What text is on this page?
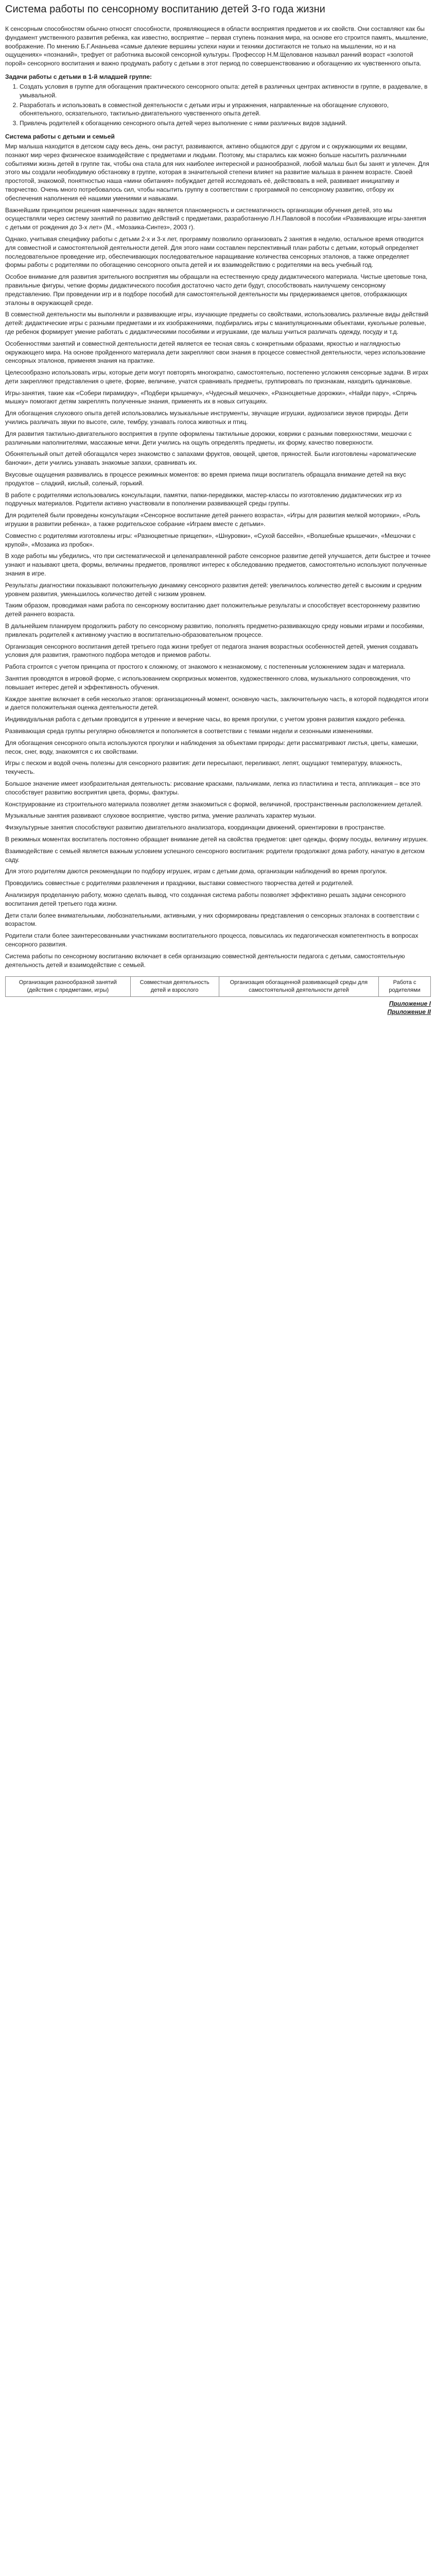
Система работы по сенсорному воспитанию детей 3-го года жизни

К сенсорным способностям обычно относят способности, проявляющиеся в области восприятия предметов и их свойств. Они составляют как бы фундамент умственного развития ребенка, как известно, восприятие – первая ступень познания мира, на основе его строится память, мышление, воображение. По мнению Б.Г.Ананьева «самые далекие вершины успехи науки и техники достигаются не только на мышлении, но и на ощущениях» «познаний», трефует от работника высокой сенсорной культуры. Профессор Н.М.Щелованов называл ранний возраст «золотой порой» сенсорного воспитания и важно продумать работу с детьми в этот период по совершенствованию и обогащению их чувственного опыта.

Задачи работы с детьми в 1-й младшей группе:
1. Создать условия в группе для обогащения практического сенсорного опыта: детей в различных центрах активности в группе, в раздевалке, в умывальной.
2. Разработать и использовать в совместной деятельности с детьми игры и упражнения, направленные на обогащение слухового, обонятельного, осязательного, тактильно-двигательного чувственного опыта детей.
3. Привлечь родителей к обогащению сенсорного опыта детей через выполнение с ними различных видов заданий.
Система работы с детьми и семьей

Мир малыша находится в детском саду весь день, они растут, развиваются, активно общаются друг с другом и с окружающими их вещами, познают мир через физическое взаимодействие с предметами и людьми. Поэтому, мы старались как можно больше насытить различными событиями жизнь детей в группе так, чтобы она стала для них наиболее интересной и разнообразной, любой малыш был бы занят и увлечен. Для этого мы создали необходимую обстановку в группе, которая в значительной степени влияет на развитие малыша в раннем возрасте. Своей простотой, знакомой, понятностью наша «мини обитания» побуждает детей исследовать её, действовать в ней, развивает инициативу и творчество. Очень много потребовалось сил, чтобы насытить группу в соответствии с программой по сенсорному развитию, отбору их обеспечения наполнения её нашими умениями и навыками.

Важнейшим принципом решения намеченных задач является планомерность и систематичность организации обучения детей, это мы осуществляли через систему занятий по развитию действий с предметами, разработанную Л.Н.Павловой в пособии «Развивающие игры-занятия с детьми от рождения до 3-х лет» (М., «Мозаика-Синтез», 2003 г).

Однако, учитывая специфику работы с детьми 2-х и 3-х лет, программу позволило организовать 2 занятия в неделю, остальное время отводится для совместной и самостоятельной деятельности детей. Для этого нами составлен перспективный план работы с детьми, который определяет последовательное проведение игр, обеспечивающих последовательное наращивание количества сенсорных эталонов, а также определяет формы работы с родителями по обогащению сенсорного опыта детей и их взаимодействию с родителями на весь учебный год.

Особое внимание для развития зрительного восприятия мы обращали на естественную среду дидактического материала. Чистые цветовые тона, правильные фигуры, четкие формы дидактического пособия достаточно часто дети будут, способствовать наилучшему сенсорному представлению. При проведении игр и в подборе пособий для самостоятельной деятельности мы придерживаемся цветов, отображающих эталоны в окружающей среде.

В совместной деятельности мы выполняли и развивающие игры, изучающие предметы со свойствами, использовались различные виды действий детей: дидактические игры с разными предметами и их изображениями, подбирались игры с манипуляционными объектами, кукольные ролевые, где ребенок формирует умение работать с дидактическими пособиями и игрушками, где малыш учиться различать одежду, посуду и т.д.

Особенностями занятий и совместной деятельности детей является ее тесная связь с конкретными образами, яркостью и наглядностью окружающего мира. На основе пройденного материала дети закрепляют свои знания в процессе совместной деятельности, через использование сенсорных эталонов, применяя знания на практике.

Целесообразно использовать игры, которые дети могут повторять многократно, самостоятельно, постепенно усложняя сенсорные задачи. В играх дети закрепляют представления о цвете, форме, величине, учатся сравнивать предметы, группировать по признакам, находить одинаковые.

Игры-занятия, такие как «Собери пирамидку», «Подбери крышечку», «Чудесный мешочек», «Разноцветные дорожки», «Найди пару», «Спрячь мышку» помогают детям закреплять полученные знания, применять их в новых ситуациях.

Для обогащения слухового опыта детей использовались музыкальные инструменты, звучащие игрушки, аудиозаписи звуков природы. Дети учились различать звуки по высоте, силе, тембру, узнавать голоса животных и птиц.

Для развития тактильно-двигательного восприятия в группе оформлены тактильные дорожки, коврики с разными поверхностями, мешочки с различными наполнителями, массажные мячи. Дети учились на ощупь определять предметы, их форму, качество поверхности.

Обонятельный опыт детей обогащался через знакомство с запахами фруктов, овощей, цветов, пряностей. Были изготовлены «ароматические баночки», дети учились узнавать знакомые запахи, сравнивать их.

Вкусовые ощущения развивались в процессе режимных моментов: во время приема пищи воспитатель обращала внимание детей на вкус продуктов – сладкий, кислый, соленый, горький.

В работе с родителями использовались консультации, памятки, папки-передвижки, мастер-классы по изготовлению дидактических игр из подручных материалов. Родители активно участвовали в пополнении развивающей среды группы.

Для родителей были проведены консультации «Сенсорное воспитание детей раннего возраста», «Игры для развития мелкой моторики», «Роль игрушки в развитии ребенка», а также родительское собрание «Играем вместе с детьми».

Совместно с родителями изготовлены игры: «Разноцветные прищепки», «Шнуровки», «Сухой бассейн», «Волшебные крышечки», «Мешочки с крупой», «Мозаика из пробок».

В ходе работы мы убедились, что при систематической и целенаправленной работе сенсорное развитие детей улучшается, дети быстрее и точнее узнают и называют цвета, формы, величины предметов, проявляют интерес к обследованию предметов, самостоятельно используют полученные знания в игре.

Результаты диагностики показывают положительную динамику сенсорного развития детей: увеличилось количество детей с высоким и средним уровнем развития, уменьшилось количество детей с низким уровнем.

Таким образом, проводимая нами работа по сенсорному воспитанию дает положительные результаты и способствует всестороннему развитию детей раннего возраста.

В дальнейшем планируем продолжить работу по сенсорному развитию, пополнять предметно-развивающую среду новыми играми и пособиями, привлекать родителей к активному участию в воспитательно-образовательном процессе.

Организация сенсорного воспитания детей третьего года жизни требует от педагога знания возрастных особенностей детей, умения создавать условия для развития, грамотного подбора методов и приемов работы.

Работа строится с учетом принципа от простого к сложному, от знакомого к незнакомому, с постепенным усложнением задач и материала.

Занятия проводятся в игровой форме, с использованием сюрпризных моментов, художественного слова, музыкального сопровождения, что повышает интерес детей и эффективность обучения.

Каждое занятие включает в себя несколько этапов: организационный момент, основную часть, заключительную часть, в которой подводятся итоги и дается положительная оценка деятельности детей.

Индивидуальная работа с детьми проводится в утренние и вечерние часы, во время прогулки, с учетом уровня развития каждого ребенка.

Развивающая среда группы регулярно обновляется и пополняется в соответствии с темами недели и сезонными изменениями.

Для обогащения сенсорного опыта используются прогулки и наблюдения за объектами природы: дети рассматривают листья, цветы, камешки, песок, снег, воду, знакомятся с их свойствами.

Игры с песком и водой очень полезны для сенсорного развития: дети пересыпают, переливают, лепят, ощущают температуру, влажность, текучесть.

Большое значение имеет изобразительная деятельность: рисование красками, пальчиками, лепка из пластилина и теста, аппликация – все это способствует развитию восприятия цвета, формы, фактуры.

Конструирование из строительного материала позволяет детям знакомиться с формой, величиной, пространственным расположением деталей.

Музыкальные занятия развивают слуховое восприятие, чувство ритма, умение различать характер музыки.

Физкультурные занятия способствуют развитию двигательного анализатора, координации движений, ориентировки в пространстве.

В режимных моментах воспитатель постоянно обращает внимание детей на свойства предметов: цвет одежды, форму посуды, величину игрушек.

Взаимодействие с семьей является важным условием успешного сенсорного воспитания: родители продолжают дома работу, начатую в детском саду.

Для этого родителям даются рекомендации по подбору игрушек, играм с детьми дома, организации наблюдений во время прогулок.

Проводились совместные с родителями развлечения и праздники, выставки совместного творчества детей и родителей.

Анализируя проделанную работу, можно сделать вывод, что созданная система работы позволяет эффективно решать задачи сенсорного воспитания детей третьего года жизни.

Дети стали более внимательными, любознательными, активными, у них сформированы представления о сенсорных эталонах в соответствии с возрастом.

Родители стали более заинтересованными участниками воспитательного процесса, повысилась их педагогическая компетентность в вопросах сенсорного развития.

Система работы по сенсорному воспитанию включает в себя организацию совместной деятельности педагога с детьми, самостоятельную деятельность детей и взаимодействие с семьей.

Организация разнообразной занятий (действия с предметами, игры)	Совместная деятельность детей и взрослого	Организация обогащенной развивающей среды для самостоятельной деятельности детей	Работа с родителями
Приложение I
Приложение II
